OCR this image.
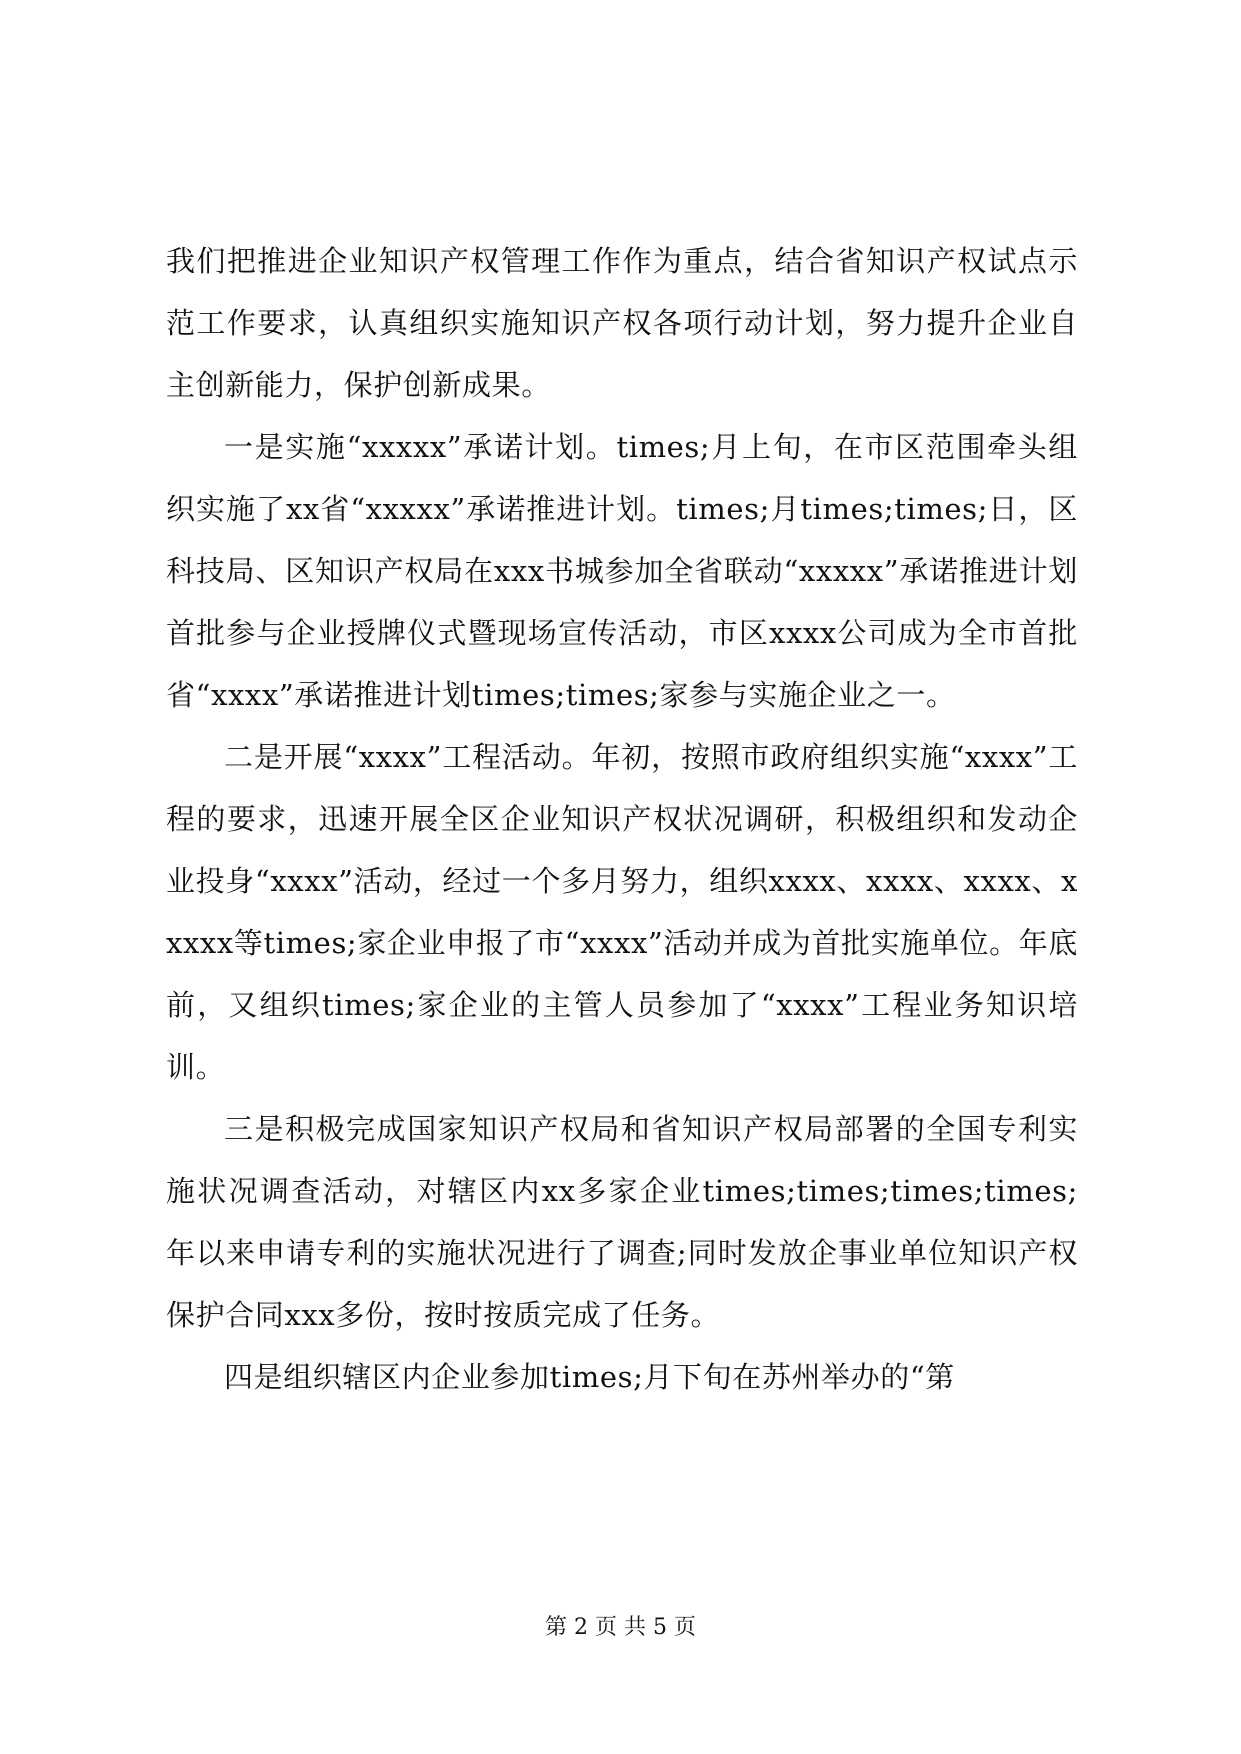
我们把推进企业知识产权管理工作作为重点，结合省知识产权试点示范工作要求，认真组织实施知识产权各项行动计划，努力提升企业自主创新能力，保护创新成果。

一是实施“xxxxx”承诺计划。times;月上旬，在市区范围牵头组织实施了xx省“xxxxx”承诺推进计划。times;月times;times;日，区科技局、区知识产权局在xxx书城参加全省联动“xxxxx”承诺推进计划首批参与企业授牌仪式暨现场宣传活动，市区xxxx公司成为全市首批省“xxxx”承诺推进计划times;times;家参与实施企业之一。

二是开展“xxxx”工程活动。年初，按照市政府组织实施“xxxx”工程的要求，迅速开展全区企业知识产权状况调研，积极组织和发动企业投身“xxxx”活动，经过一个多月努力，组织xxxx、xxxx、xxxx、xxxxx等times;家企业申报了市“xxxx”活动并成为首批实施单位。年底前，又组织times;家企业的主管人员参加了“xxxx”工程业务知识培训。

三是积极完成国家知识产权局和省知识产权局部署的全国专利实施状况调查活动，对辖区内xx多家企业times;times;times;times;年以来申请专利的实施状况进行了调查;同时发放企事业单位知识产权保护合同xxx多份，按时按质完成了任务。

四是组织辖区内企业参加times;月下旬在苏州举办的“第

第 2 页 共 5 页
